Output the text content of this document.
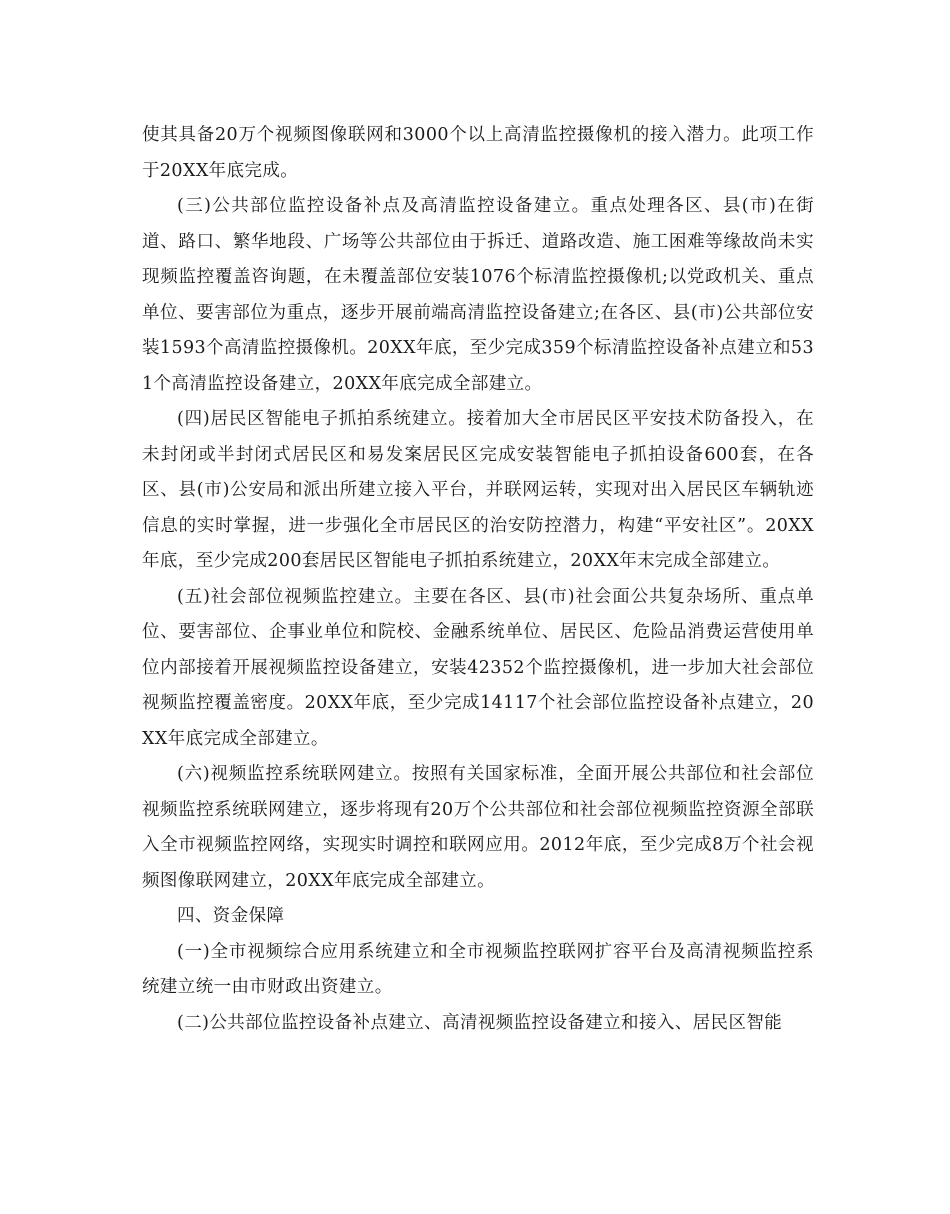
使其具备20万个视频图像联网和3000个以上高清监控摄像机的接入潜力。此项工作于20XX年底完成。

(三)公共部位监控设备补点及高清监控设备建立。重点处理各区、县(市)在街道、路口、繁华地段、广场等公共部位由于拆迁、道路改造、施工困难等缘故尚未实现频监控覆盖咨询题，在未覆盖部位安装1076个标清监控摄像机;以党政机关、重点单位、要害部位为重点，逐步开展前端高清监控设备建立;在各区、县(市)公共部位安装1593个高清监控摄像机。20XX年底，至少完成359个标清监控设备补点建立和531个高清监控设备建立，20XX年底完成全部建立。

(四)居民区智能电子抓拍系统建立。接着加大全市居民区平安技术防备投入，在未封闭或半封闭式居民区和易发案居民区完成安装智能电子抓拍设备600套，在各区、县(市)公安局和派出所建立接入平台，并联网运转，实现对出入居民区车辆轨迹信息的实时掌握，进一步强化全市居民区的治安防控潜力，构建“平安社区”。20XX年底，至少完成200套居民区智能电子抓拍系统建立，20XX年末完成全部建立。

(五)社会部位视频监控建立。主要在各区、县(市)社会面公共复杂场所、重点单位、要害部位、企事业单位和院校、金融系统单位、居民区、危险品消费运营使用单位内部接着开展视频监控设备建立，安装42352个监控摄像机，进一步加大社会部位视频监控覆盖密度。20XX年底，至少完成14117个社会部位监控设备补点建立，20XX年底完成全部建立。

(六)视频监控系统联网建立。按照有关国家标准，全面开展公共部位和社会部位视频监控系统联网建立，逐步将现有20万个公共部位和社会部位视频监控资源全部联入全市视频监控网络，实现实时调控和联网应用。2012年底，至少完成8万个社会视频图像联网建立，20XX年底完成全部建立。

四、资金保障

(一)全市视频综合应用系统建立和全市视频监控联网扩容平台及高清视频监控系统建立统一由市财政出资建立。

(二)公共部位监控设备补点建立、高清视频监控设备建立和接入、居民区智能
